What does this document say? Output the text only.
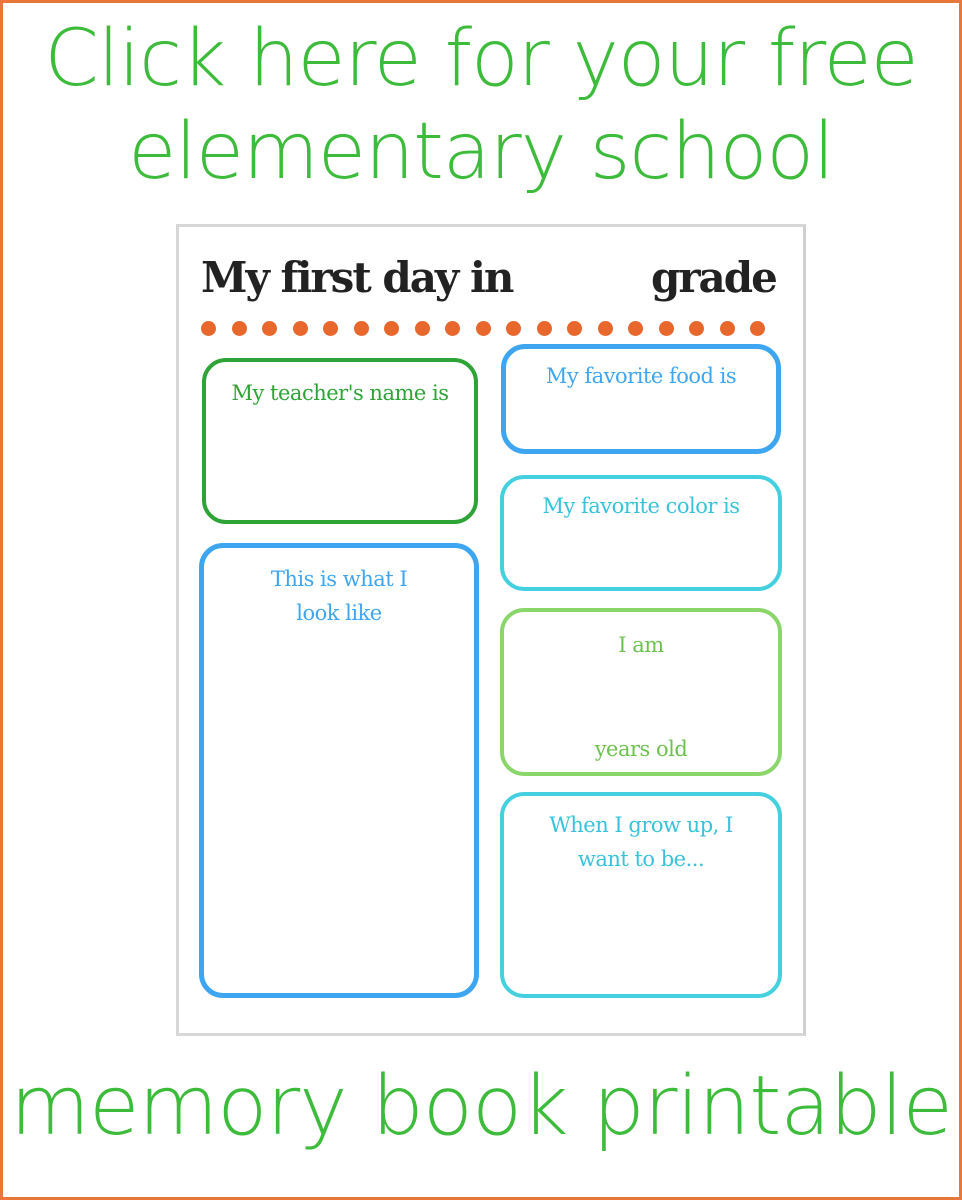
Click here for your free
elementary school
My first day in	grade
My teacher's name is
This is what I
look like
My favorite food is
My favorite color is
I am
years old
When I grow up, I
want to be...
memory book printable
